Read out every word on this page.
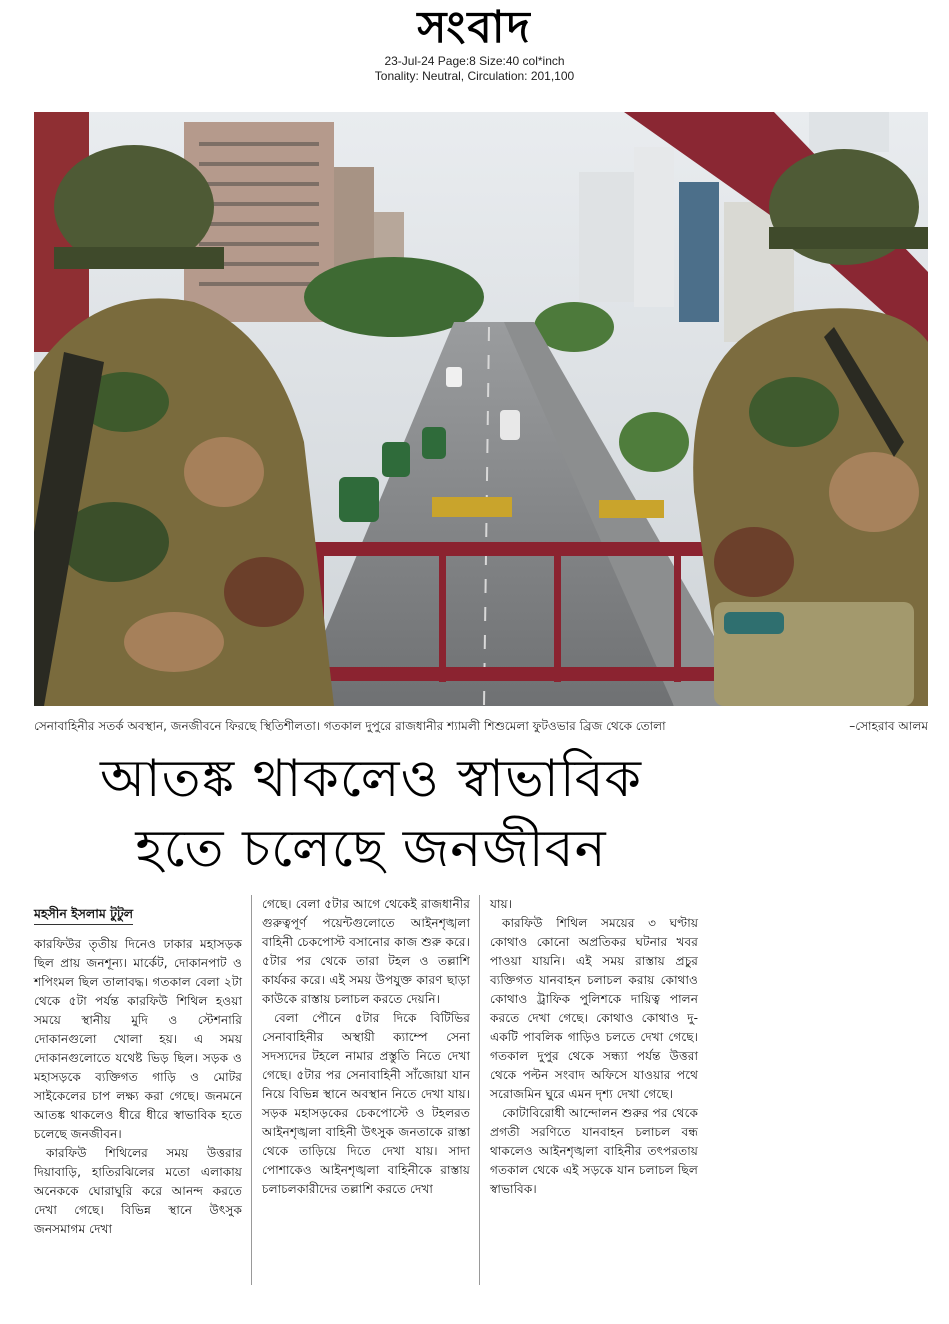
সংবাদ
23-Jul-24 Page:8 Size:40 col*inch
Tonality: Neutral, Circulation: 201,100
সেনাবাহিনীর সতর্ক অবস্থান, জনজীবনে ফিরছে স্থিতিশীলতা। গতকাল দুপুরে রাজধানীর শ্যামলী শিশুমেলা ফুটওভার ব্রিজ থেকে তোলা	–সোহরাব আলম
আতঙ্ক থাকলেও স্বাভাবিক
হতে চলেছে জনজীবন
মহসীন ইসলাম টুটুল

কারফিউর তৃতীয় দিনেও ঢাকার মহাসড়ক ছিল প্রায় জনশূন্য। মার্কেট, দোকানপাট ও শপিংমল ছিল তালাবদ্ধ। গতকাল বেলা ২টা থেকে ৫টা পর্যন্ত কারফিউ শিথিল হওয়া সময়ে স্থানীয় মুদি ও স্টেশনারি দোকানগুলো খোলা হয়। এ সময় দোকানগুলোতে যথেষ্ট ভিড় ছিল। সড়ক ও মহাসড়কে ব্যক্তিগত গাড়ি ও মোটর সাইকেলের চাপ লক্ষ্য করা গেছে। জনমনে আতঙ্ক থাকলেও ধীরে ধীরে স্বাভাবিক হতে চলেছে জনজীবন।

কারফিউ শিথিলের সময় উত্তরার দিয়াবাড়ি, হাতিরঝিলের মতো এলাকায় অনেককে ঘোরাঘুরি করে আনন্দ করতে দেখা গেছে। বিভিন্ন স্থানে উৎসুক জনসমাগম দেখা

গেছে। বেলা ৫টার আগে থেকেই রাজধানীর গুরুত্বপূর্ণ পয়েন্টগুলোতে আইনশৃঙ্খলা বাহিনী চেকপোস্ট বসানোর কাজ শুরু করে। ৫টার পর থেকে তারা টহল ও তল্লাশি কার্যকর করে। এই সময় উপযুক্ত কারণ ছাড়া কাউকে রাস্তায় চলাচল করতে দেয়নি।

বেলা পৌনে ৫টার দিকে বিটিভির সেনাবাহিনীর অস্থায়ী ক্যাম্পে সেনা সদস্যদের টহলে নামার প্রস্তুতি নিতে দেখা গেছে। ৫টার পর সেনাবাহিনী সাঁজোয়া যান নিয়ে বিভিন্ন স্থানে অবস্থান নিতে দেখা যায়। সড়ক মহাসড়কের চেকপোস্টে ও টহলরত আইনশৃঙ্খলা বাহিনী উৎসুক জনতাকে রাস্তা থেকে তাড়িয়ে দিতে দেখা যায়। সাদা পোশাকেও আইনশৃঙ্খলা বাহিনীকে রাস্তায় চলাচলকারীদের তল্লাশি করতে দেখা

যায়।

কারফিউ শিথিল সময়ের ৩ ঘণ্টায় কোথাও কোনো অপ্রতিকর ঘটনার খবর পাওয়া যায়নি। এই সময় রাস্তায় প্রচুর ব্যক্তিগত যানবাহন চলাচল করায় কোথাও কোথাও ট্রাফিক পুলিশকে দায়িত্ব পালন করতে দেখা গেছে। কোথাও কোথাও দু-একটি পাবলিক গাড়িও চলতে দেখা গেছে। গতকাল দুপুর থেকে সন্ধ্যা পর্যন্ত উত্তরা থেকে পল্টন সংবাদ অফিসে যাওয়ার পথে সরোজমিন ঘুরে এমন দৃশ্য দেখা গেছে।

কোটাবিরোধী আন্দোলন শুরুর পর থেকে প্রগতী সরণিতে যানবাহন চলাচল বন্ধ থাকলেও আইনশৃঙ্খলা বাহিনীর তৎপরতায় গতকাল থেকে এই সড়কে যান চলাচল ছিল স্বাভাবিক।
